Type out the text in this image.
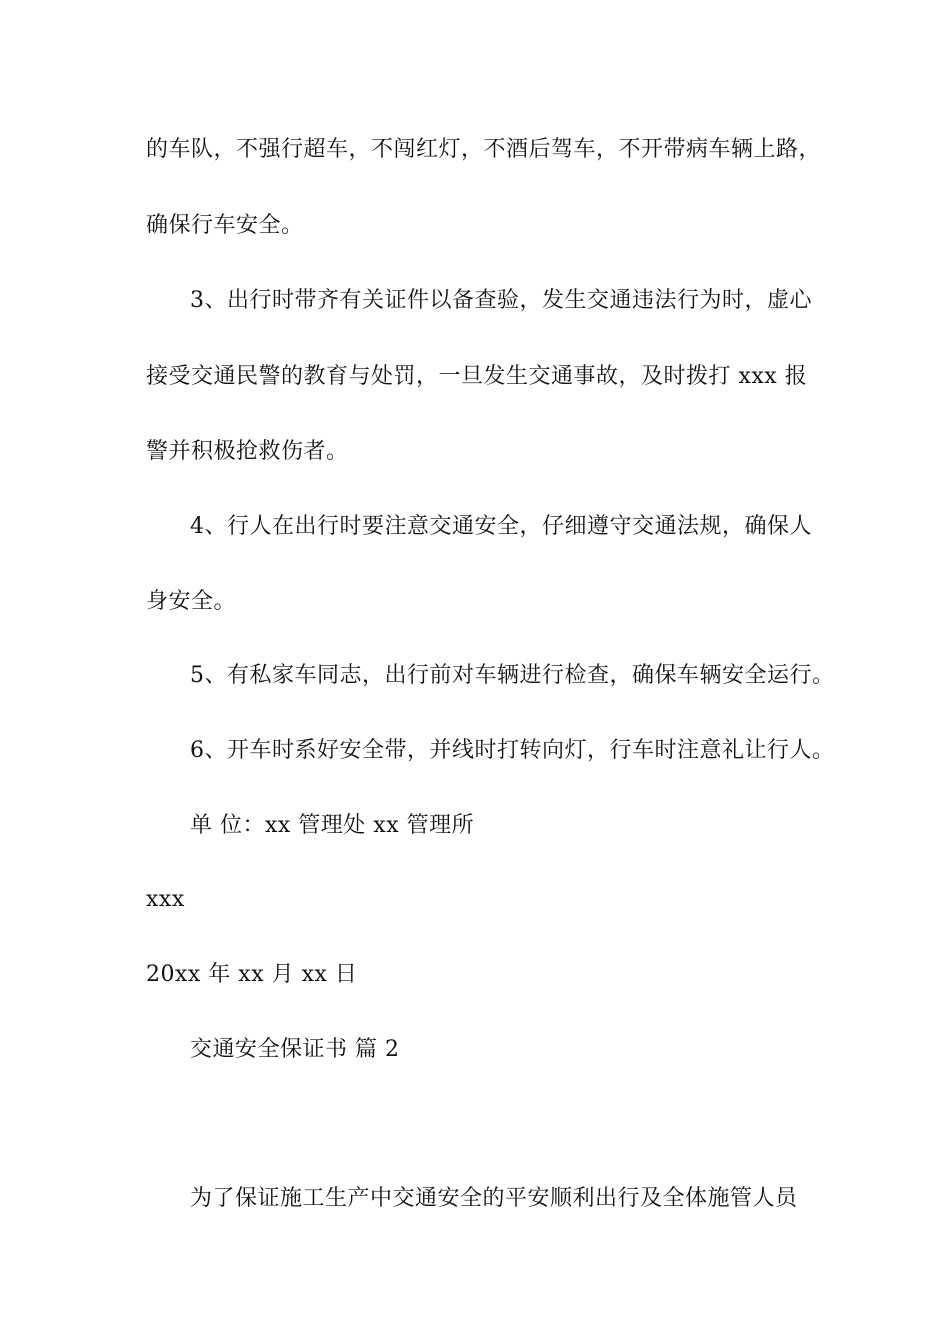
的车队，不强行超车，不闯红灯，不酒后驾车，不开带病车辆上路，
确保行车安全。
3、出行时带齐有关证件以备查验，发生交通违法行为时，虚心
接受交通民警的教育与处罚，一旦发生交通事故，及时拨打 xxx 报
警并积极抢救伤者。
4、行人在出行时要注意交通安全，仔细遵守交通法规，确保人
身安全。
5、有私家车同志，出行前对车辆进行检查，确保车辆安全运行。
6、开车时系好安全带，并线时打转向灯，行车时注意礼让行人。
单 位：xx 管理处 xx 管理所
xxx
20xx 年 xx 月 xx 日
交通安全保证书 篇 2
为了保证施工生产中交通安全的平安顺利出行及全体施管人员
